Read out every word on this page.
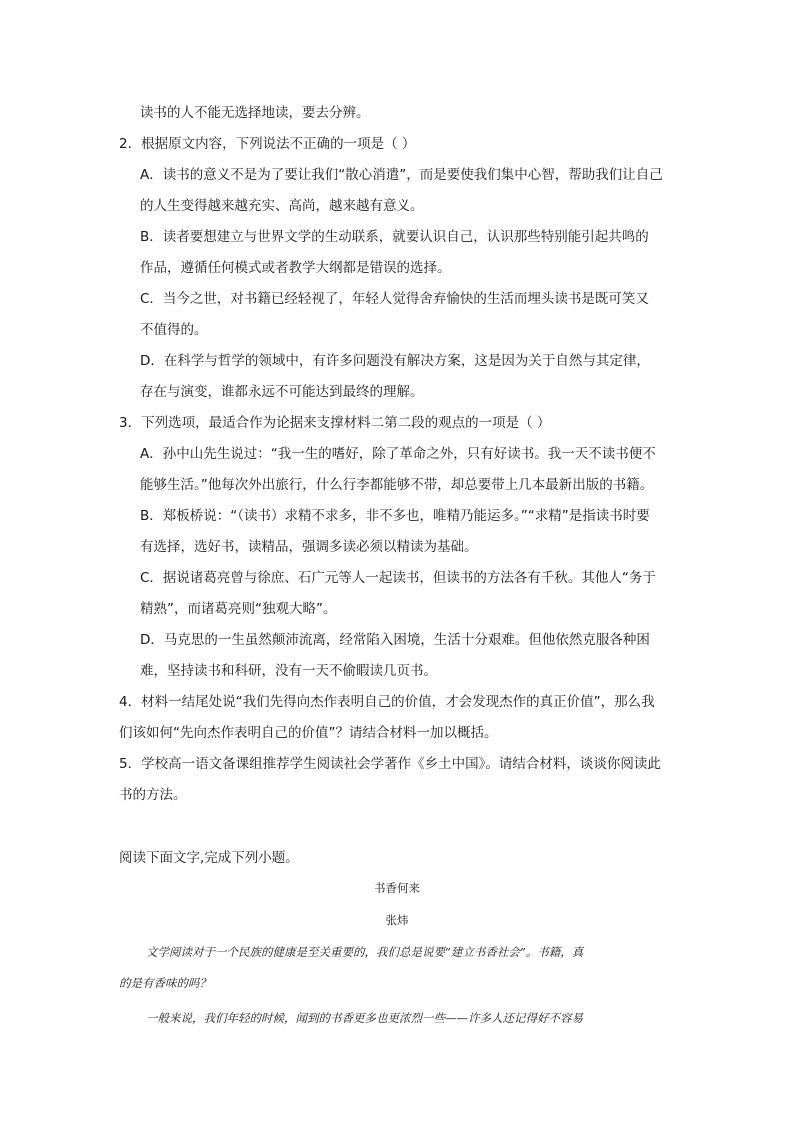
读书的人不能无选择地读，要去分辨。
2．根据原文内容，下列说法不正确的一项是（ ）
A．读书的意义不是为了要让我们“散心消遣”，而是要使我们集中心智，帮助我们让自己
的人生变得越来越充实、高尚，越来越有意义。
B．读者要想建立与世界文学的生动联系，就要认识自己，认识那些特别能引起共鸣的
作品，遵循任何模式或者教学大纲都是错误的选择。
C．当今之世，对书籍已经轻视了，年轻人觉得舍弃愉快的生活而埋头读书是既可笑又
不值得的。
D．在科学与哲学的领域中，有许多问题没有解决方案，这是因为关于自然与其定律，
存在与演变，谁都永远不可能达到最终的理解。
3．下列选项，最适合作为论据来支撑材料二第二段的观点的一项是（ ）
A．孙中山先生说过：“我一生的嗜好，除了革命之外，只有好读书。我一天不读书便不
能够生活。”他每次外出旅行，什么行李都能够不带，却总要带上几本最新出版的书籍。
B．郑板桥说：“（读书）求精不求多，非不多也，唯精乃能运多。”“求精”是指读书时要
有选择，选好书，读精品，强调多读必须以精读为基础。
C．据说诸葛亮曾与徐庶、石广元等人一起读书，但读书的方法各有千秋。其他人“务于
精熟”，而诸葛亮则“独观大略”。
D．马克思的一生虽然颠沛流离，经常陷入困境，生活十分艰难。但他依然克服各种困
难，坚持读书和科研，没有一天不偷暇读几页书。
4．材料一结尾处说“我们先得向杰作表明自己的价值，才会发现杰作的真正价值”，那么我
们该如何“先向杰作表明自己的价值”？请结合材料一加以概括。
5．学校高一语文备课组推荐学生阅读社会学著作《乡土中国》。请结合材料，谈谈你阅读此
书的方法。
阅读下面文字,完成下列小题。
书香何来
张炜
文学阅读对于一个民族的健康是至关重要的，我们总是说要“建立书香社会”。书籍，真
的是有香味的吗？
一般来说，我们年轻的时候，闻到的书香更多也更浓烈一些——许多人还记得好不容易
